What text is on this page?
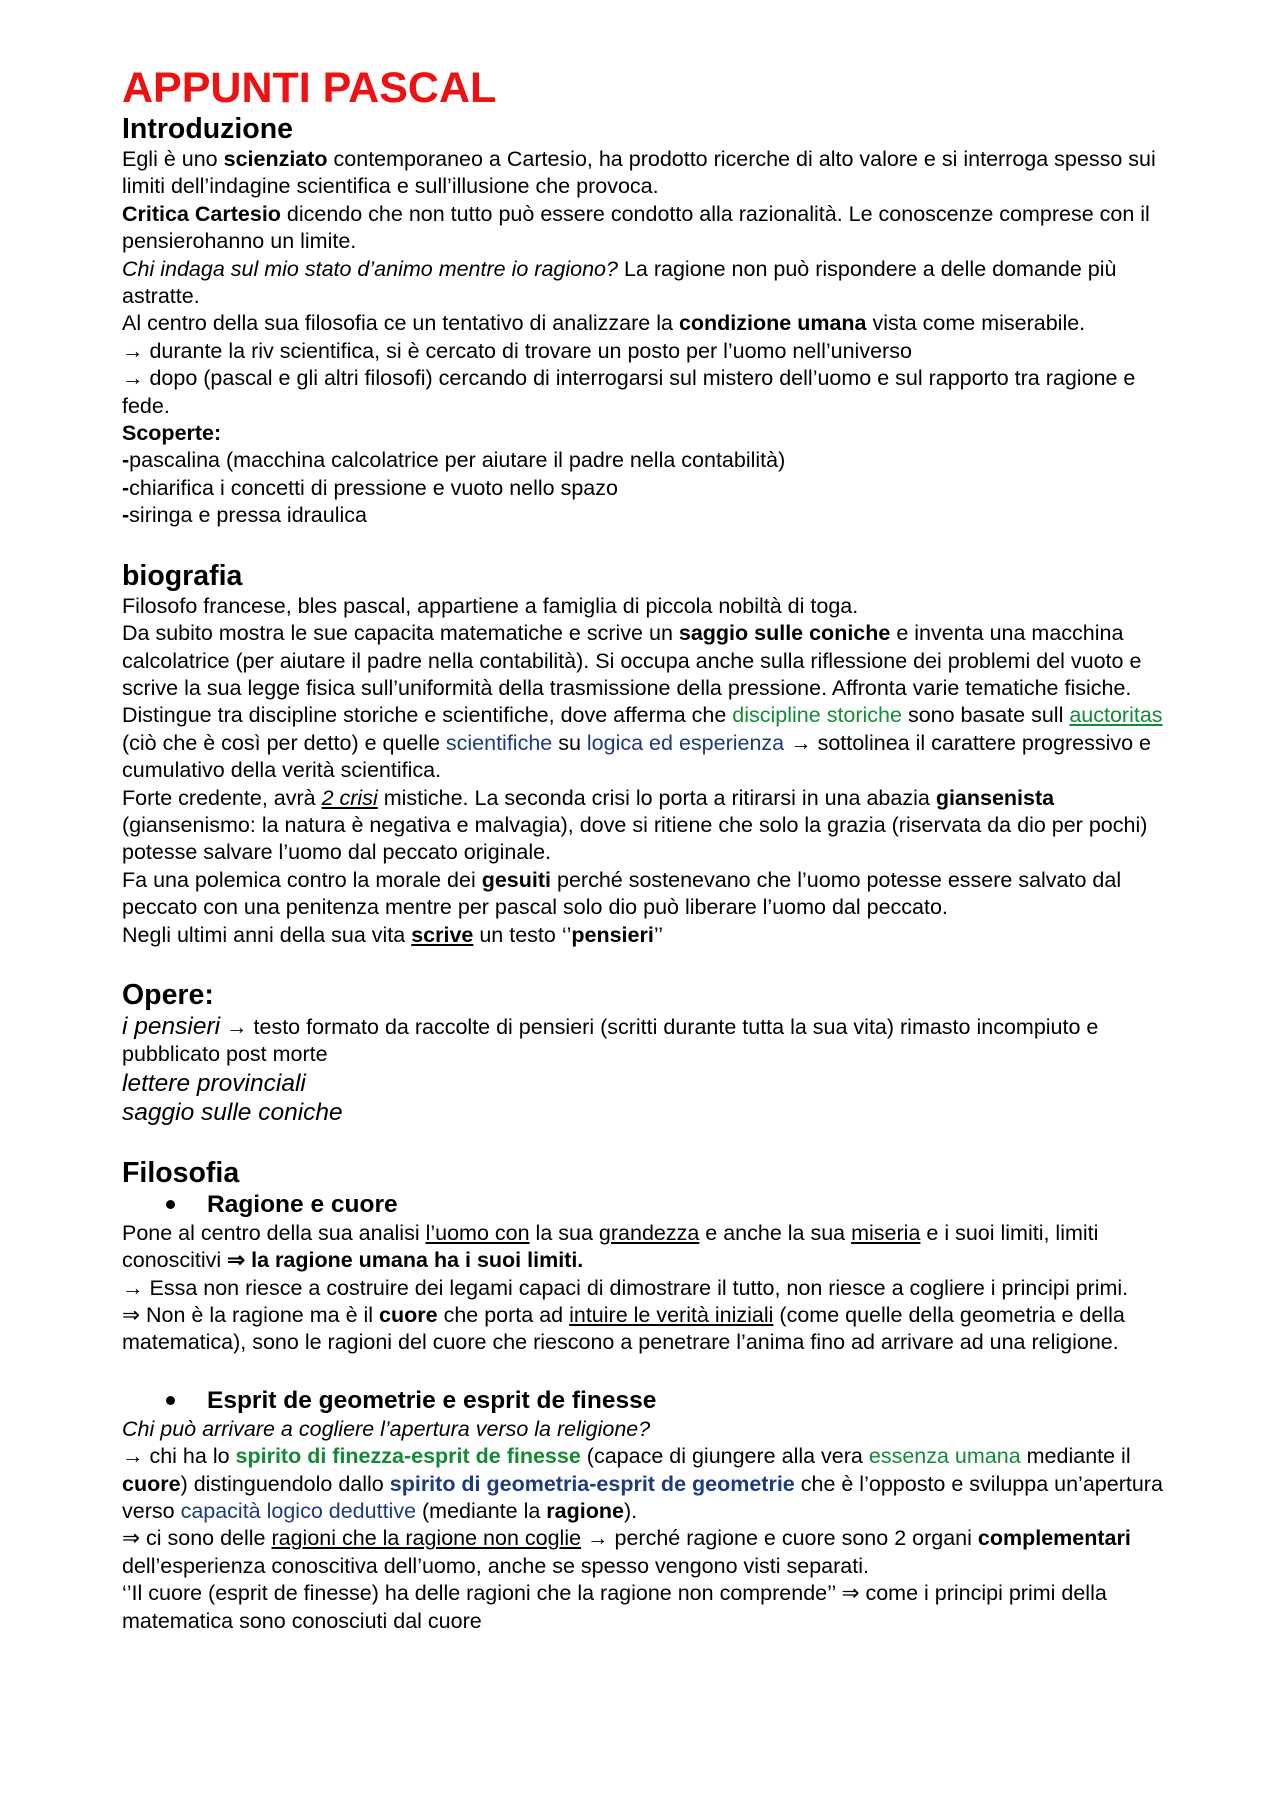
APPUNTI PASCAL
Introduzione

Egli è uno scienziato contemporaneo a Cartesio, ha prodotto ricerche di alto valore e si interroga spesso sui limiti dell’indagine scientifica e sull’illusione che provoca.

Critica Cartesio dicendo che non tutto può essere condotto alla razionalità. Le conoscenze comprese con il pensierohanno un limite.

Chi indaga sul mio stato d’animo mentre io ragiono? La ragione non può rispondere a delle domande più astratte.

Al centro della sua filosofia ce un tentativo di analizzare la condizione umana vista come miserabile.

→ durante la riv scientifica, si è cercato di trovare un posto per l’uomo nell’universo

→ dopo (pascal e gli altri filosofi) cercando di interrogarsi sul mistero dell’uomo e sul rapporto tra ragione e fede.

Scoperte:

-pascalina (macchina calcolatrice per aiutare il padre nella contabilità)

-chiarifica i concetti di pressione e vuoto nello spazo

-siringa e pressa idraulica

biografia

Filosofo francese, bles pascal, appartiene a famiglia di piccola nobiltà di toga.

Da subito mostra le sue capacita matematiche e scrive un saggio sulle coniche e inventa una macchina calcolatrice (per aiutare il padre nella contabilità). Si occupa anche sulla riflessione dei problemi del vuoto e scrive la sua legge fisica sull’uniformità della trasmissione della pressione. Affronta varie tematiche fisiche.

Distingue tra discipline storiche e scientifiche, dove afferma che discipline storiche sono basate sull auctoritas (ciò che è così per detto) e quelle scientifiche su logica ed esperienza → sottolinea il carattere progressivo e cumulativo della verità scientifica.

Forte credente, avrà 2 crisi mistiche. La seconda crisi lo porta a ritirarsi in una abazia giansenista (giansenismo: la natura è negativa e malvagia), dove si ritiene che solo la grazia (riservata da dio per pochi) potesse salvare l’uomo dal peccato originale.

Fa una polemica contro la morale dei gesuiti perché sostenevano che l’uomo potesse essere salvato dal peccato con una penitenza mentre per pascal solo dio può liberare l’uomo dal peccato.

Negli ultimi anni della sua vita scrive un testo ‘’pensieri’’

Opere:

i pensieri → testo formato da raccolte di pensieri (scritti durante tutta la sua vita) rimasto incompiuto e pubblicato post morte

lettere provinciali

saggio sulle coniche

Filosofia
Ragione e cuore

Pone al centro della sua analisi l’uomo con la sua grandezza e anche la sua miseria e i suoi limiti, limiti conoscitivi ⇒ la ragione umana ha i suoi limiti.

→ Essa non riesce a costruire dei legami capaci di dimostrare il tutto, non riesce a cogliere i principi primi.

⇒ Non è la ragione ma è il cuore che porta ad intuire le verità iniziali (come quelle della geometria e della matematica), sono le ragioni del cuore che riescono a penetrare l’anima fino ad arrivare ad una religione.

Esprit de geometrie e esprit de finesse

Chi può arrivare a cogliere l’apertura verso la religione?

→ chi ha lo spirito di finezza-esprit de finesse (capace di giungere alla vera essenza umana mediante il cuore) distinguendolo dallo spirito di geometria-esprit de geometrie che è l’opposto e sviluppa un’apertura verso capacità logico deduttive (mediante la ragione).

⇒ ci sono delle ragioni che la ragione non coglie → perché ragione e cuore sono 2 organi complementari dell’esperienza conoscitiva dell’uomo, anche se spesso vengono visti separati.

‘’Il cuore (esprit de finesse) ha delle ragioni che la ragione non comprende’’ ⇒ come i principi primi della matematica sono conosciuti dal cuore
